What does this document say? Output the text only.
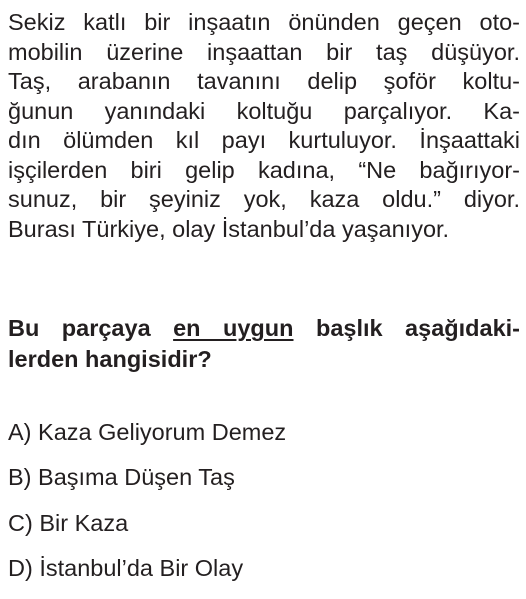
Sekiz katlı bir inşaatın önünden geçen oto-
mobilin üzerine inşaattan bir taş düşüyor.
Taş, arabanın tavanını delip şoför koltu-
ğunun yanındaki koltuğu parçalıyor. Ka-
dın ölümden kıl payı kurtuluyor. İnşaattaki
işçilerden biri gelip kadına, “Ne bağırıyor-
sunuz, bir şeyiniz yok, kaza oldu.” diyor.
Burası Türkiye, olay İstanbul’da yaşanıyor.
Bu parçaya en uygun başlık aşağıdaki-
lerden hangisidir?
A) Kaza Geliyorum Demez
B) Başıma Düşen Taş
C) Bir Kaza
D) İstanbul’da Bir Olay
